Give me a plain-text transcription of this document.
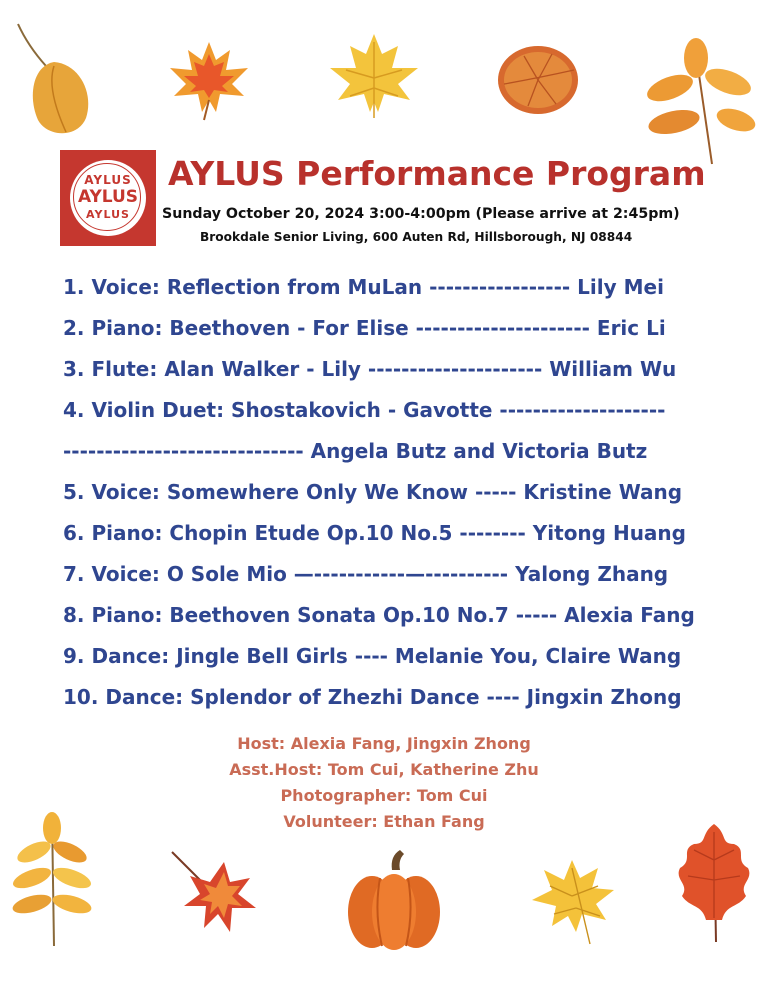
AYLUS
AYLUS
AYLUS
AYLUS Performance Program
Sunday October 20, 2024 3:00-4:00pm (Please arrive at 2:45pm)
Brookdale Senior Living, 600 Auten Rd, Hillsborough, NJ 08844
1. Voice: Reflection from MuLan ----------------- Lily Mei
2. Piano: Beethoven - For Elise --------------------- Eric Li
3. Flute: Alan Walker - Lily --------------------- William Wu
4. Violin Duet: Shostakovich - Gavotte --------------------
----------------------------- Angela Butz and Victoria Butz
5. Voice: Somewhere Only We Know ----- Kristine Wang
6. Piano: Chopin Etude Op.10 No.5 -------- Yitong Huang
7. Voice: O Sole Mio —-----------—---------- Yalong Zhang
8. Piano: Beethoven Sonata Op.10 No.7 ----- Alexia Fang
9. Dance: Jingle Bell Girls ---- Melanie You, Claire Wang
10. Dance: Splendor of Zhezhi Dance ---- Jingxin Zhong
Host: Alexia Fang, Jingxin Zhong
Asst.Host: Tom Cui, Katherine Zhu
Photographer: Tom Cui
Volunteer: Ethan Fang
